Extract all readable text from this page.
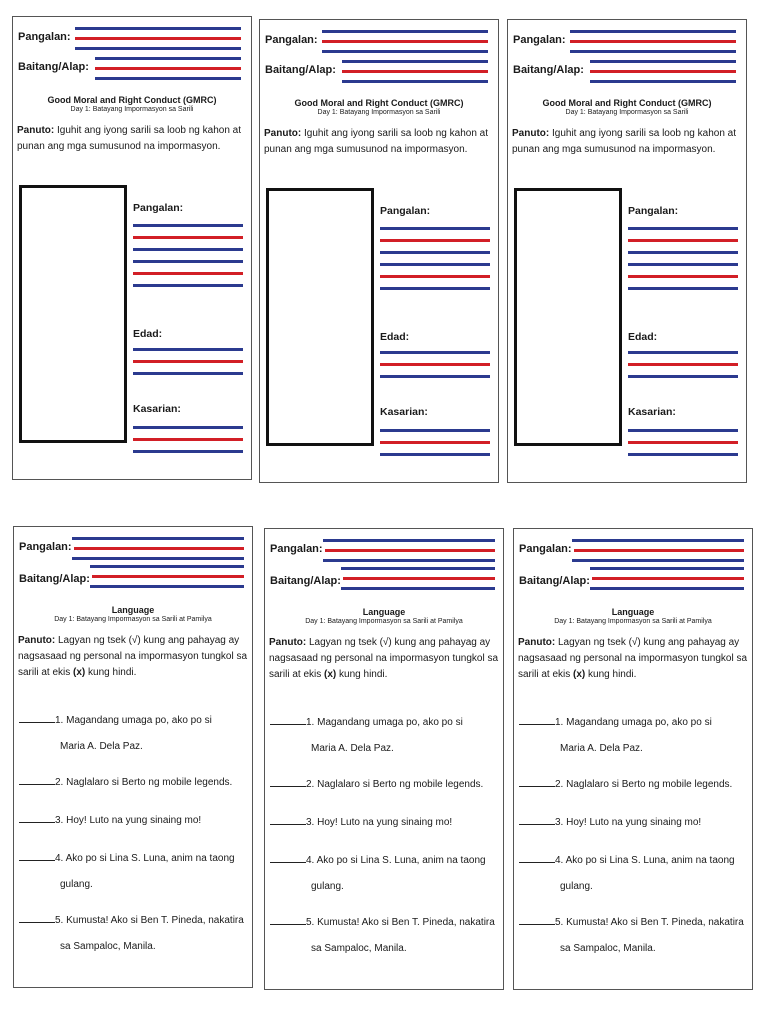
Pangalan:
Baitang/Alap:
Good Moral and Right Conduct (GMRC)
Day 1: Batayang Impormasyon sa Sarili
Panuto: Iguhit ang iyong sarili sa loob ng kahon at punan ang mga sumusunod na impormasyon.
Pangalan:
Edad:
Kasarian:
Pangalan:
Baitang/Alap:
Good Moral and Right Conduct (GMRC)
Day 1: Batayang Impormasyon sa Sarili
Panuto: Iguhit ang iyong sarili sa loob ng kahon at punan ang mga sumusunod na impormasyon.
Pangalan:
Edad:
Kasarian:
Pangalan:
Baitang/Alap:
Good Moral and Right Conduct (GMRC)
Day 1: Batayang Impormasyon sa Sarili
Panuto: Iguhit ang iyong sarili sa loob ng kahon at punan ang mga sumusunod na impormasyon.
Pangalan:
Edad:
Kasarian:
Pangalan:
Baitang/Alap:
Language
Day 1: Batayang Impormasyon sa Sarili at Pamilya
Panuto: Lagyan ng tsek (√) kung ang pahayag ay nagsasaad ng personal na impormasyon tungkol sa sarili at ekis (x) kung hindi.
1. Magandang umaga po, ako po si
Maria A. Dela Paz.
2. Naglalaro si Berto ng mobile legends.
3. Hoy! Luto na yung sinaing mo!
4. Ako po si Lina S. Luna, anim na taong
gulang.
5. Kumusta! Ako si Ben T. Pineda, nakatira
sa Sampaloc, Manila.
Pangalan:
Baitang/Alap:
Language
Day 1: Batayang Impormasyon sa Sarili at Pamilya
Panuto: Lagyan ng tsek (√) kung ang pahayag ay nagsasaad ng personal na impormasyon tungkol sa sarili at ekis (x) kung hindi.
1. Magandang umaga po, ako po si
Maria A. Dela Paz.
2. Naglalaro si Berto ng mobile legends.
3. Hoy! Luto na yung sinaing mo!
4. Ako po si Lina S. Luna, anim na taong
gulang.
5. Kumusta! Ako si Ben T. Pineda, nakatira
sa Sampaloc, Manila.
Pangalan:
Baitang/Alap:
Language
Day 1: Batayang Impormasyon sa Sarili at Pamilya
Panuto: Lagyan ng tsek (√) kung ang pahayag ay nagsasaad ng personal na impormasyon tungkol sa sarili at ekis (x) kung hindi.
1. Magandang umaga po, ako po si
Maria A. Dela Paz.
2. Naglalaro si Berto ng mobile legends.
3. Hoy! Luto na yung sinaing mo!
4. Ako po si Lina S. Luna, anim na taong
gulang.
5. Kumusta! Ako si Ben T. Pineda, nakatira
sa Sampaloc, Manila.
